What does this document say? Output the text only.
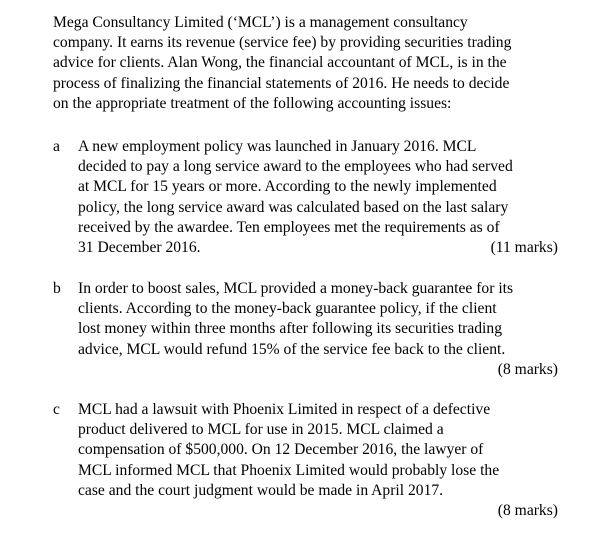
Mega Consultancy Limited (‘MCL’) is a management consultancy
company. It earns its revenue (service fee) by providing securities trading
advice for clients. Alan Wong, the financial accountant of MCL, is in the
process of finalizing the financial statements of 2016. He needs to decide
on the appropriate treatment of the following accounting issues:
a	A new employment policy was launched in January 2016. MCL
decided to pay a long service award to the employees who had served
at MCL for 15 years or more. According to the newly implemented
policy, the long service award was calculated based on the last salary
received by the awardee. Ten employees met the requirements as of
31 December 2016.	(11 marks)
b	In order to boost sales, MCL provided a money-back guarantee for its
clients. According to the money-back guarantee policy, if the client
lost money within three months after following its securities trading
advice, MCL would refund 15% of the service fee back to the client.
(8 marks)
c	MCL had a lawsuit with Phoenix Limited in respect of a defective
product delivered to MCL for use in 2015. MCL claimed a
compensation of $500,000. On 12 December 2016, the lawyer of
MCL informed MCL that Phoenix Limited would probably lose the
case and the court judgment would be made in April 2017.
(8 marks)
